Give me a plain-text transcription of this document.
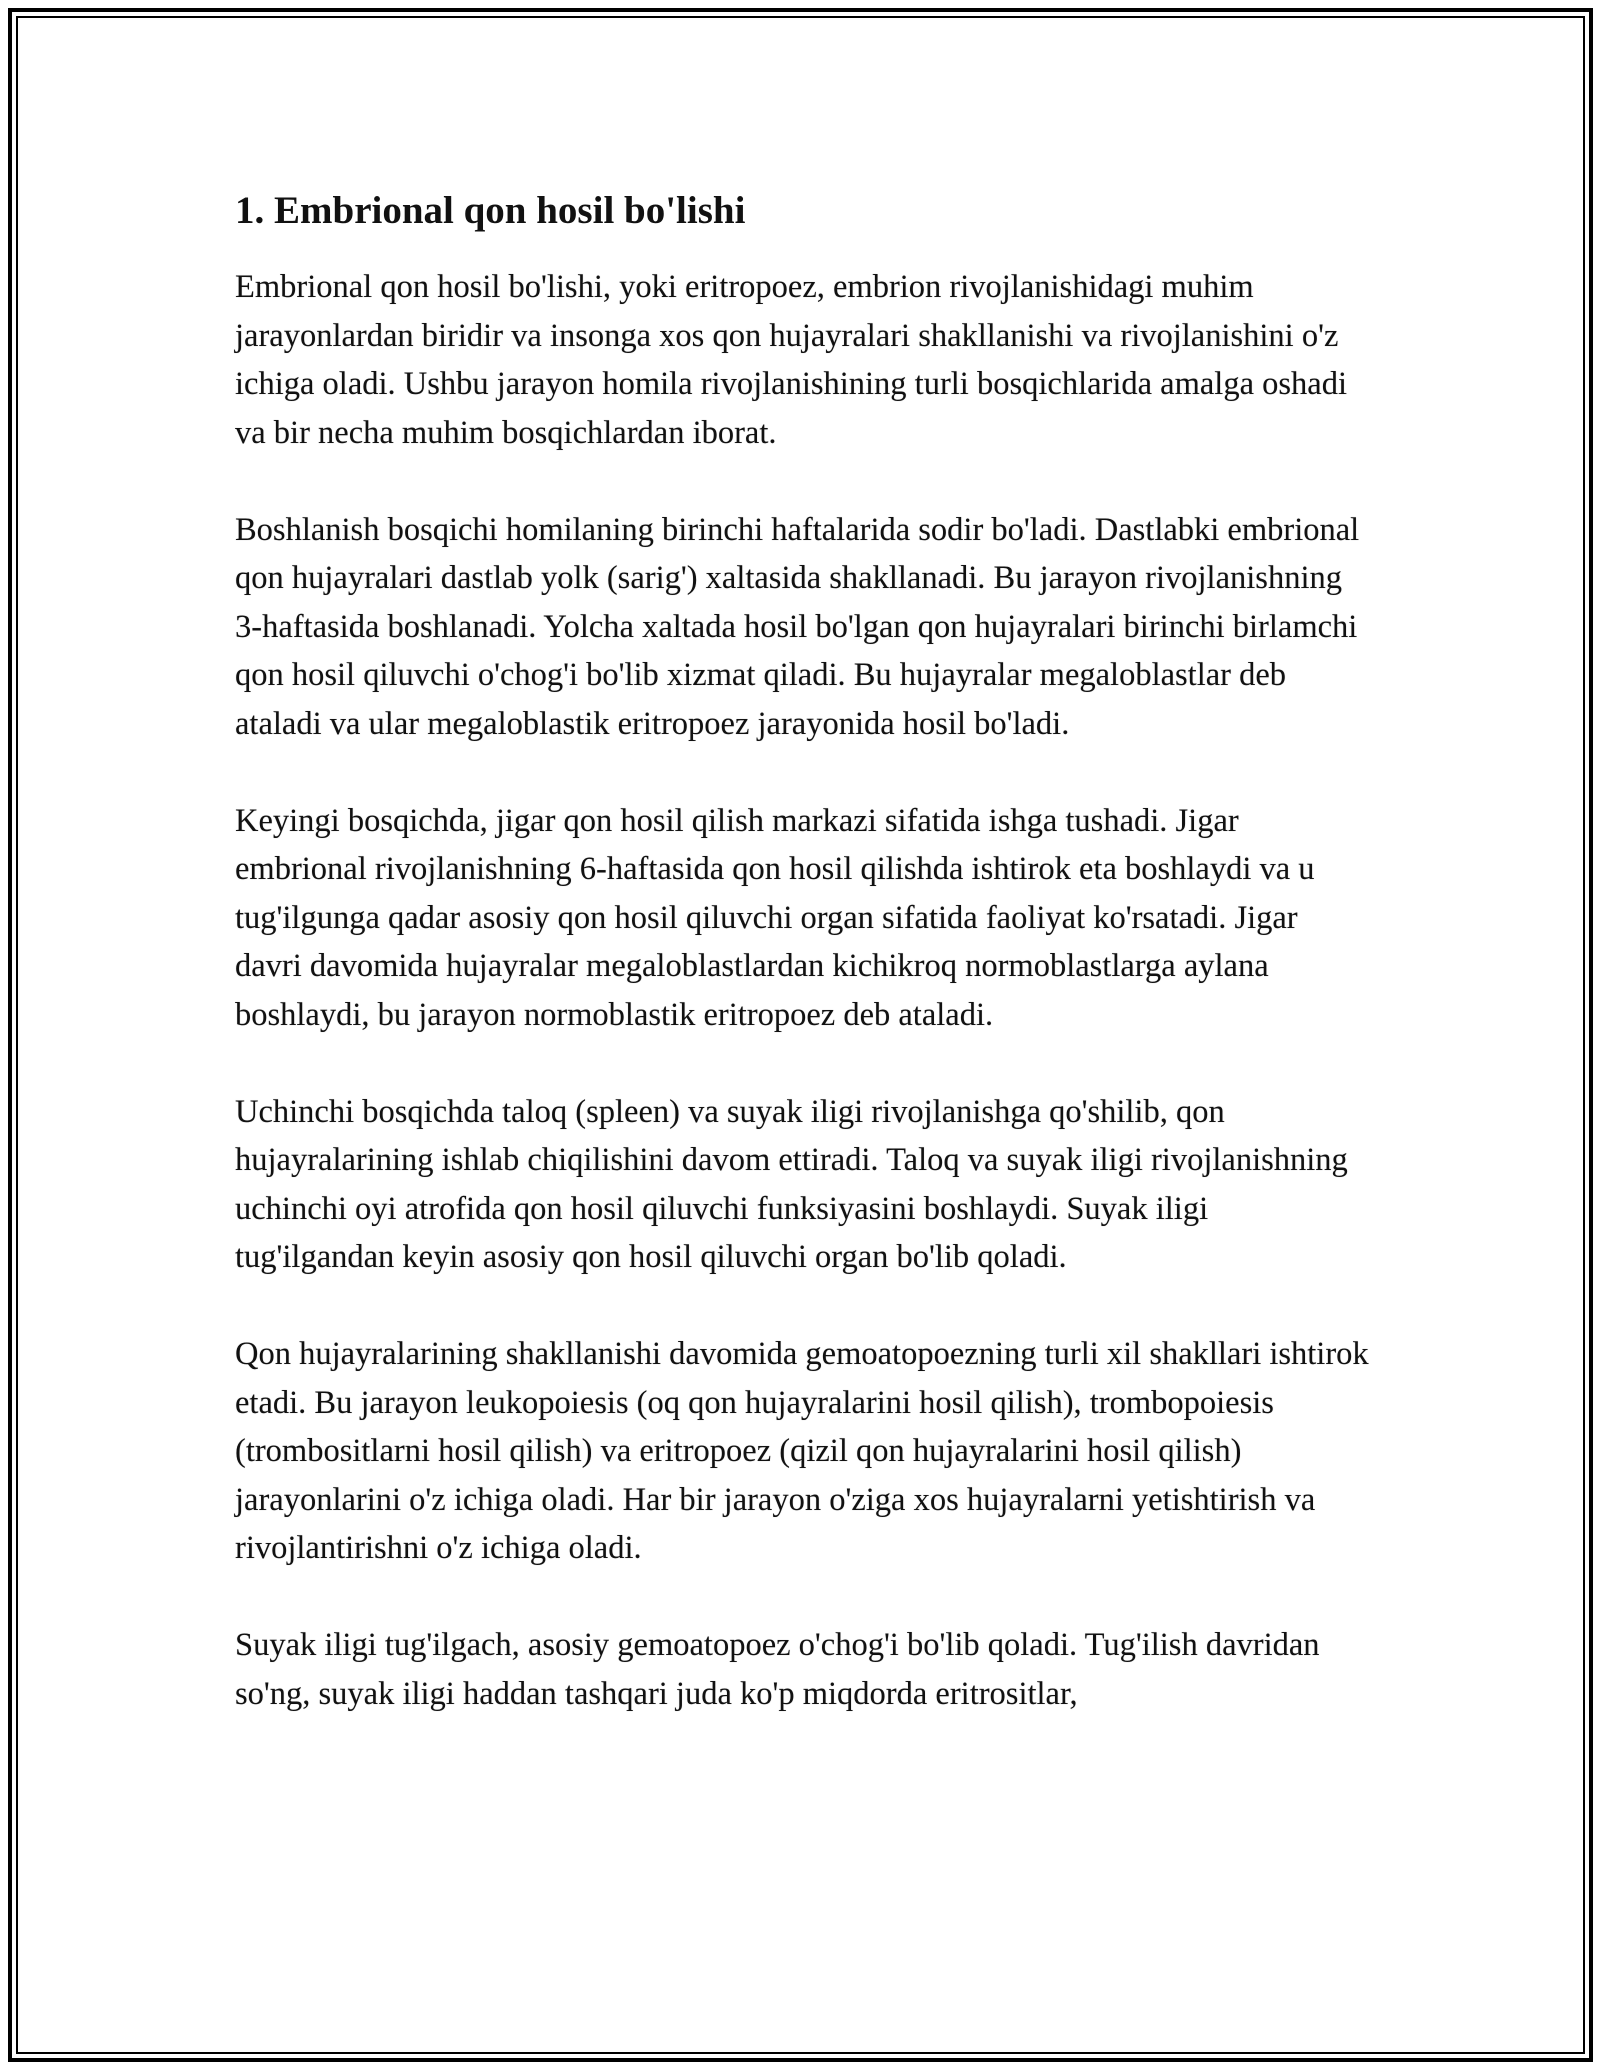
1. Embrional qon hosil bo'lishi

Embrional qon hosil bo'lishi, yoki eritropoez, embrion rivojlanishidagi muhim jarayonlardan biridir va insonga xos qon hujayralari shakllanishi va rivojlanishini o'z ichiga oladi. Ushbu jarayon homila rivojlanishining turli bosqichlarida amalga oshadi va bir necha muhim bosqichlardan iborat.

Boshlanish bosqichi homilaning birinchi haftalarida sodir bo'ladi. Dastlabki embrional qon hujayralari dastlab yolk (sarig') xaltasida shakllanadi. Bu jarayon rivojlanishning 3-haftasida boshlanadi. Yolcha xaltada hosil bo'lgan qon hujayralari birinchi birlamchi qon hosil qiluvchi o'chog'i bo'lib xizmat qiladi. Bu hujayralar megaloblastlar deb ataladi va ular megaloblastik eritropoez jarayonida hosil bo'ladi.

Keyingi bosqichda, jigar qon hosil qilish markazi sifatida ishga tushadi. Jigar embrional rivojlanishning 6-haftasida qon hosil qilishda ishtirok eta boshlaydi va u tug'ilgunga qadar asosiy qon hosil qiluvchi organ sifatida faoliyat ko'rsatadi. Jigar davri davomida hujayralar megaloblastlardan kichikroq normoblastlarga aylana boshlaydi, bu jarayon normoblastik eritropoez deb ataladi.

Uchinchi bosqichda taloq (spleen) va suyak iligi rivojlanishga qo'shilib, qon hujayralarining ishlab chiqilishini davom ettiradi. Taloq va suyak iligi rivojlanishning uchinchi oyi atrofida qon hosil qiluvchi funksiyasini boshlaydi. Suyak iligi tug'ilgandan keyin asosiy qon hosil qiluvchi organ bo'lib qoladi.

Qon hujayralarining shakllanishi davomida gemoatopoezning turli xil shakllari ishtirok etadi. Bu jarayon leukopoiesis (oq qon hujayralarini hosil qilish), trombopoiesis (trombositlarni hosil qilish) va eritropoez (qizil qon hujayralarini hosil qilish) jarayonlarini o'z ichiga oladi. Har bir jarayon o'ziga xos hujayralarni yetishtirish va rivojlantirishni o'z ichiga oladi.

Suyak iligi tug'ilgach, asosiy gemoatopoez o'chog'i bo'lib qoladi. Tug'ilish davridan so'ng, suyak iligi haddan tashqari juda ko'p miqdorda eritrositlar,
